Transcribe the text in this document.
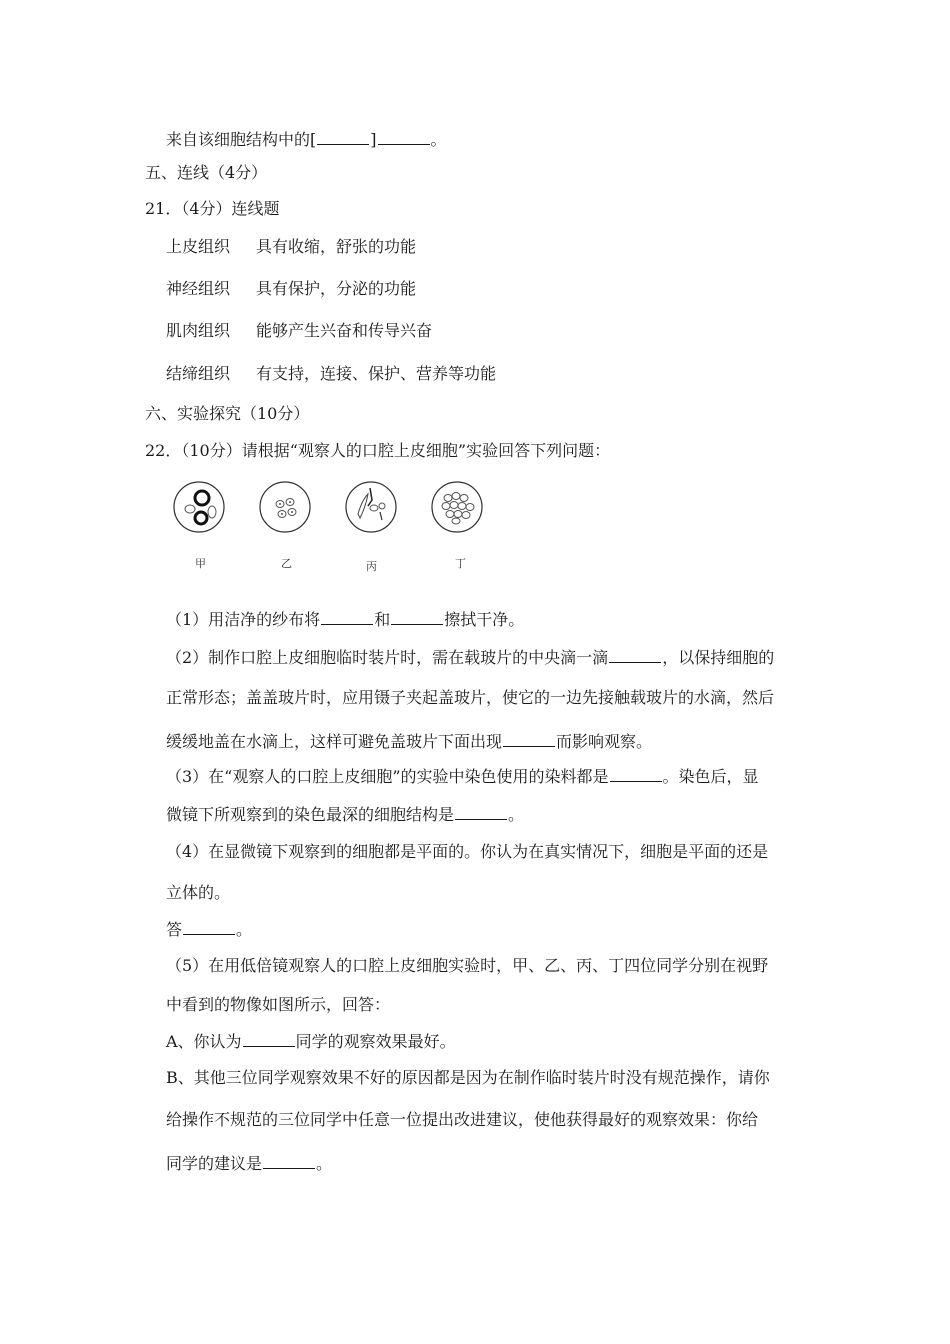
来自该细胞结构中的[	]	。
五、连线（4分）
21．（4分）连线题
上皮组织 具有收缩，舒张的功能
神经组织 具有保护，分泌的功能
肌肉组织 能够产生兴奋和传导兴奋
结缔组织 有支持，连接、保护、营养等功能
六、实验探究（10分）
22．（10分）请根据“观察人的口腔上皮细胞”实验回答下列问题：
甲	乙	丙	丁
（1）用洁净的纱布将	和	擦拭干净。
（2）制作口腔上皮细胞临时装片时，需在载玻片的中央滴一滴	，以保持细胞的
正常形态；盖盖玻片时，应用镊子夹起盖玻片，使它的一边先接触载玻片的水滴，然后
缓缓地盖在水滴上，这样可避免盖玻片下面出现	而影响观察。
（3）在“观察人的口腔上皮细胞”的实验中染色使用的染料都是	。染色后，显
微镜下所观察到的染色最深的细胞结构是	。
（4）在显微镜下观察到的细胞都是平面的。你认为在真实情况下，细胞是平面的还是
立体的。
答	。
（5）在用低倍镜观察人的口腔上皮细胞实验时，甲、乙、丙、丁四位同学分别在视野
中看到的物像如图所示，回答：
A、你认为	同学的观察效果最好。
B、其他三位同学观察效果不好的原因都是因为在制作临时装片时没有规范操作，请你
给操作不规范的三位同学中任意一位提出改进建议，使他获得最好的观察效果：你给
同学的建议是	。
